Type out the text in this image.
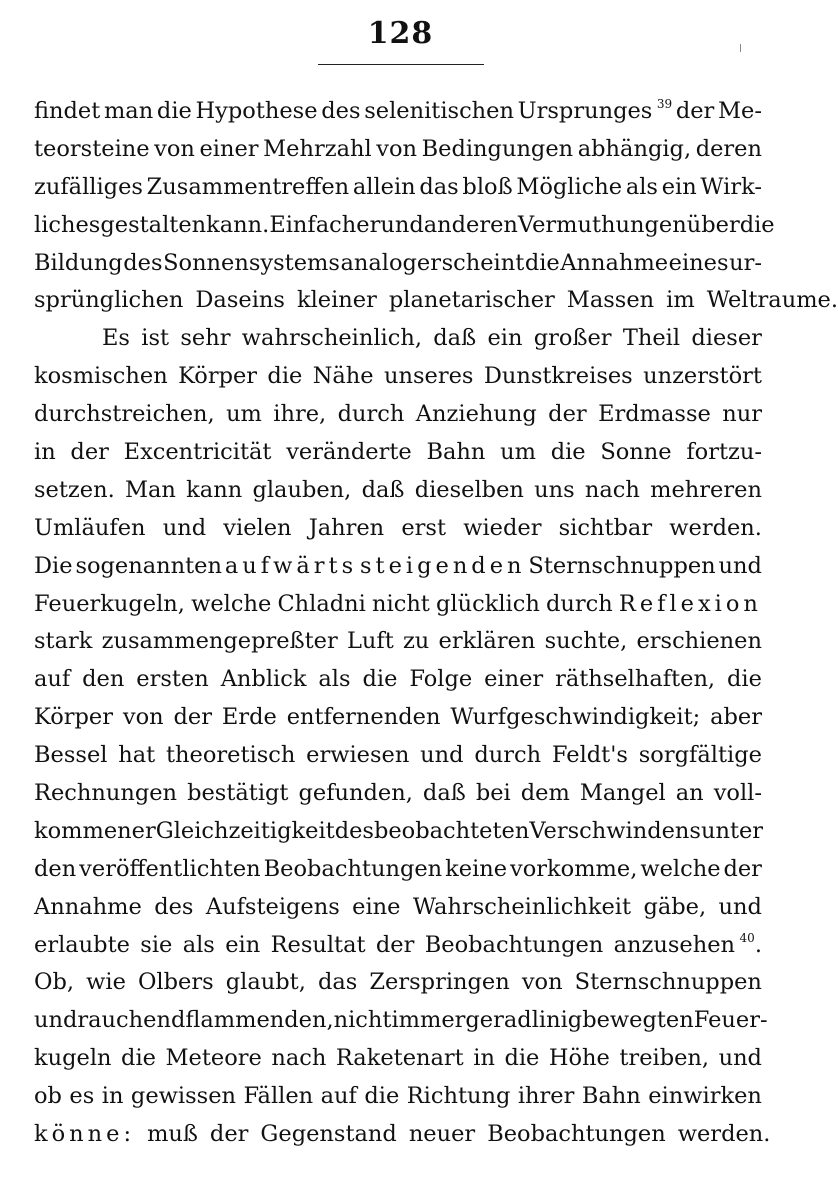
128
findet man die Hypothese des selenitischen Ursprunges  $^{39}$ der Me-
teorsteine von einer Mehrzahl von Bedingungen abhängig, deren
zufälliges Zusammentreffen allein das bloß Mögliche als ein Wirk-
liches gestalten kann. Einfacher und anderen Vermuthungen über die
Bildung des Sonnensystems analoger scheint die Annahme eines ur-
sprünglichen Daseins kleiner planetarischer Massen im Weltraume.
Es ist sehr wahrscheinlich, daß ein großer Theil dieser
kosmischen Körper die Nähe unseres Dunstkreises unzerstört
durchstreichen, um ihre, durch Anziehung der Erdmasse nur
in der Excentricität veränderte Bahn um die Sonne fortzu-
setzen. Man kann glauben, daß dieselben uns nach mehreren
Umläufen und vielen Jahren erst wieder sichtbar werden.
Die sogenannten aufwärts steigenden Sternschnuppen und
Feuerkugeln, welche Chladni nicht glücklich durch Reflexion
stark zusammengepreßter Luft zu erklären suchte, erschienen
auf den ersten Anblick als die Folge einer räthselhaften, die
Körper von der Erde entfernenden Wurfgeschwindigkeit; aber
Bessel hat theoretisch erwiesen und durch Feldt's sorgfältige
Rechnungen bestätigt gefunden, daß bei dem Mangel an voll-
kommener Gleichzeitigkeit des beobachteten Verschwindens unter
den veröffentlichten Beobachtungen keine vorkomme, welche der
Annahme des Aufsteigens eine Wahrscheinlichkeit gäbe, und
erlaubte sie als ein Resultat der Beobachtungen anzusehen  $^{40}$.
Ob, wie Olbers glaubt, das Zerspringen von Sternschnuppen
und rauchend flammenden, nicht immer geradlinig bewegten Feuer-
kugeln die Meteore nach Raketenart in die Höhe treiben, und
ob es in gewissen Fällen auf die Richtung ihrer Bahn einwirken
könne: muß der Gegenstand neuer Beobachtungen werden.
